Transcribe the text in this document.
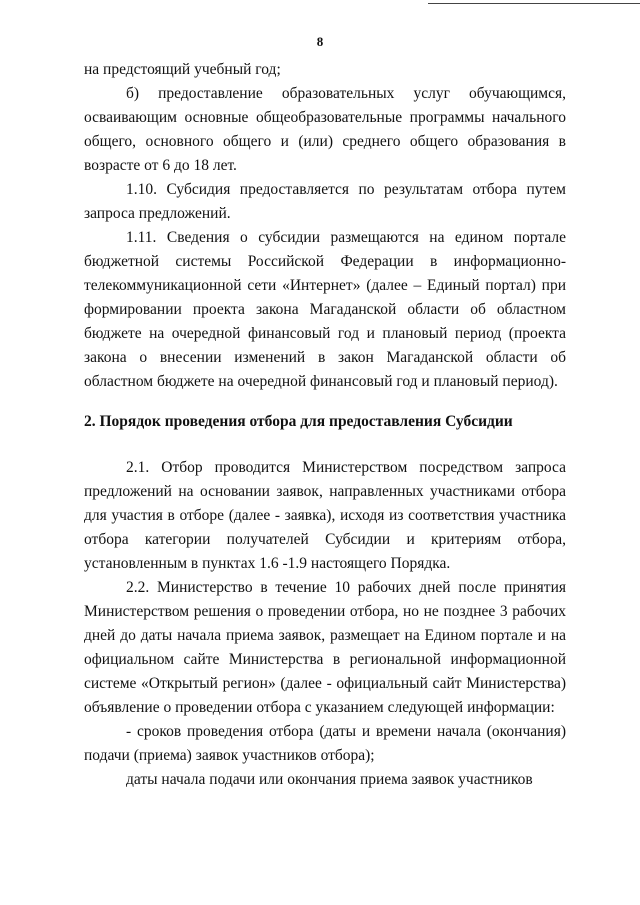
8

на предстоящий учебный год;

б) предоставление образовательных услуг обучающимся, осваивающим основные общеобразовательные программы начального общего, основного общего и (или) среднего общего образования в возрасте от 6 до 18 лет.

1.10. Субсидия предоставляется по результатам отбора путем запроса предложений.

1.11. Сведения о субсидии размещаются на едином портале бюджетной системы Российской Федерации в информационно-телекоммуникационной сети «Интернет» (далее – Единый портал) при формировании проекта закона Магаданской области об областном бюджете на очередной финансовый год и плановый период (проекта закона о внесении изменений в закон Магаданской области об областном бюджете на очередной финансовый год и плановый период).

2. Порядок проведения отбора для предоставления Субсидии

2.1. Отбор проводится Министерством посредством запроса предложений на основании заявок, направленных участниками отбора для участия в отборе (далее - заявка), исходя из соответствия участника отбора категории получателей Субсидии и критериям отбора, установленным в пунктах 1.6 -1.9 настоящего Порядка.

2.2. Министерство в течение 10 рабочих дней после принятия Министерством решения о проведении отбора, но не позднее 3 рабочих дней до даты начала приема заявок, размещает на Едином портале и на официальном сайте Министерства в региональной информационной системе «Открытый регион» (далее - официальный сайт Министерства) объявление о проведении отбора с указанием следующей информации:

- сроков проведения отбора (даты и времени начала (окончания) подачи (приема) заявок участников отбора);

даты начала подачи или окончания приема заявок участников
